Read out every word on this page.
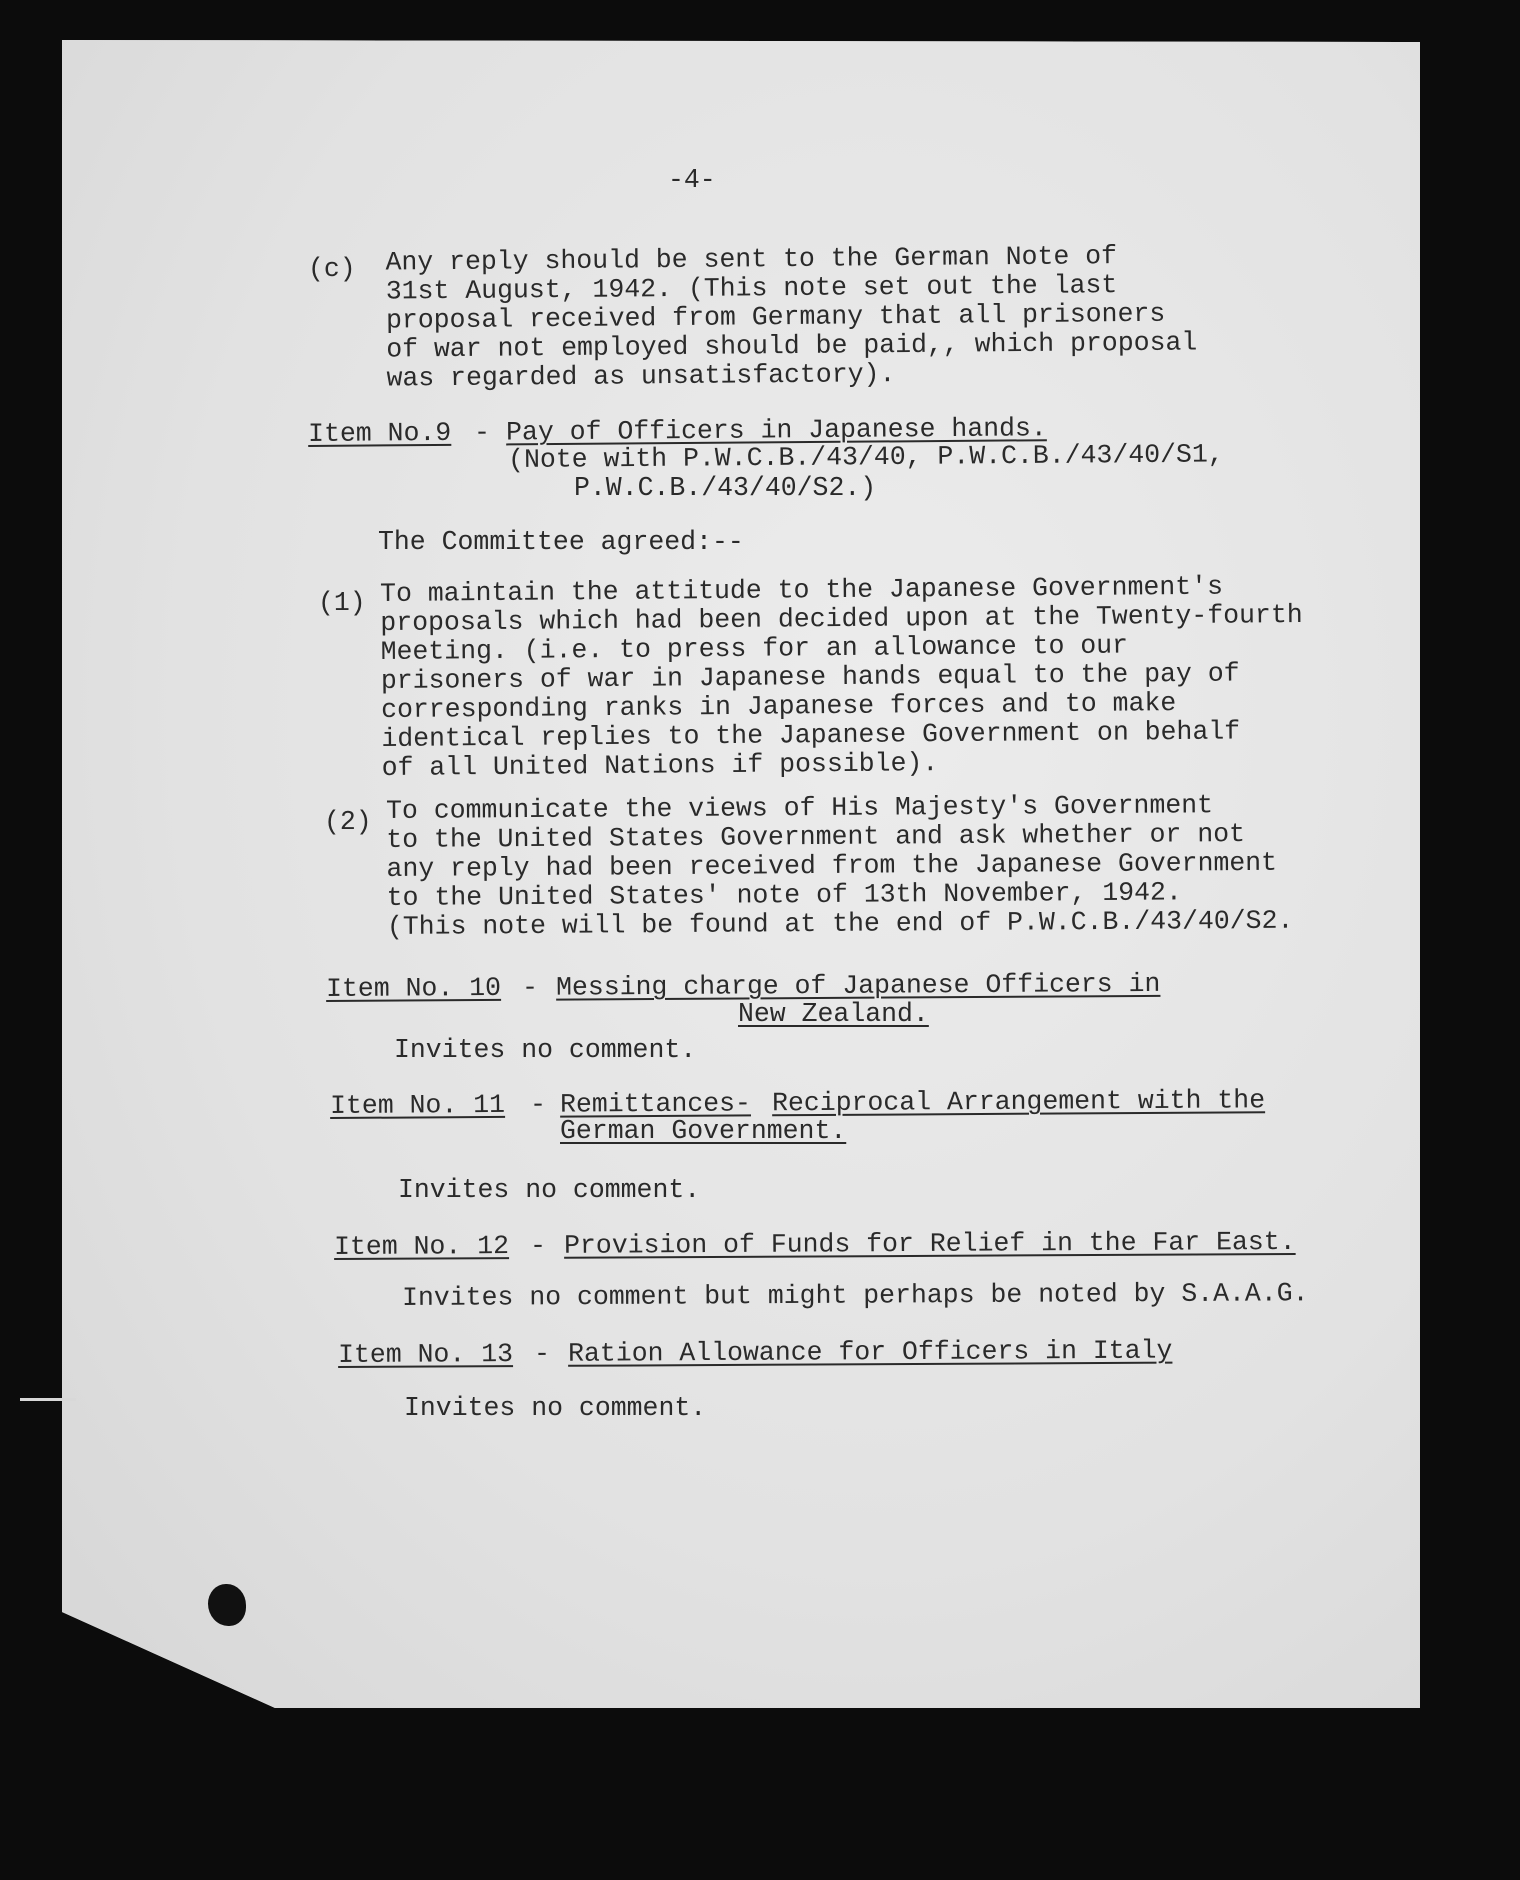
-4-
(c) Any reply should be sent to the German Note of
31st August, 1942. (This note set out the last
proposal received from Germany that all prisoners
of war not employed should be paid,, which proposal
was regarded as unsatisfactory).
Item No.9 - Pay of Officers in Japanese hands.
(Note with P.W.C.B./43/40, P.W.C.B./43/40/S1,
P.W.C.B./43/40/S2.)
The Committee agreed:--
(1) To maintain the attitude to the Japanese Government's
proposals which had been decided upon at the Twenty-fourth
Meeting. (i.e. to press for an allowance to our
prisoners of war in Japanese hands equal to the pay of
corresponding ranks in Japanese forces and to make
identical replies to the Japanese Government on behalf
of all United Nations if possible).
(2) To communicate the views of His Majesty's Government
to the United States Government and ask whether or not
any reply had been received from the Japanese Government
to the United States' note of 13th November, 1942.
(This note will be found at the end of P.W.C.B./43/40/S2.
Item No. 10 - Messing charge of Japanese Officers in
New Zealand.
Invites no comment.
Item No. 11 - Remittances- Reciprocal Arrangement with the
German Government.
Invites no comment.
Item No. 12 - Provision of Funds for Relief in the Far East.
Invites no comment but might perhaps be noted by S.A.A.G.
Item No. 13 - Ration Allowance for Officers in Italy
Invites no comment.
